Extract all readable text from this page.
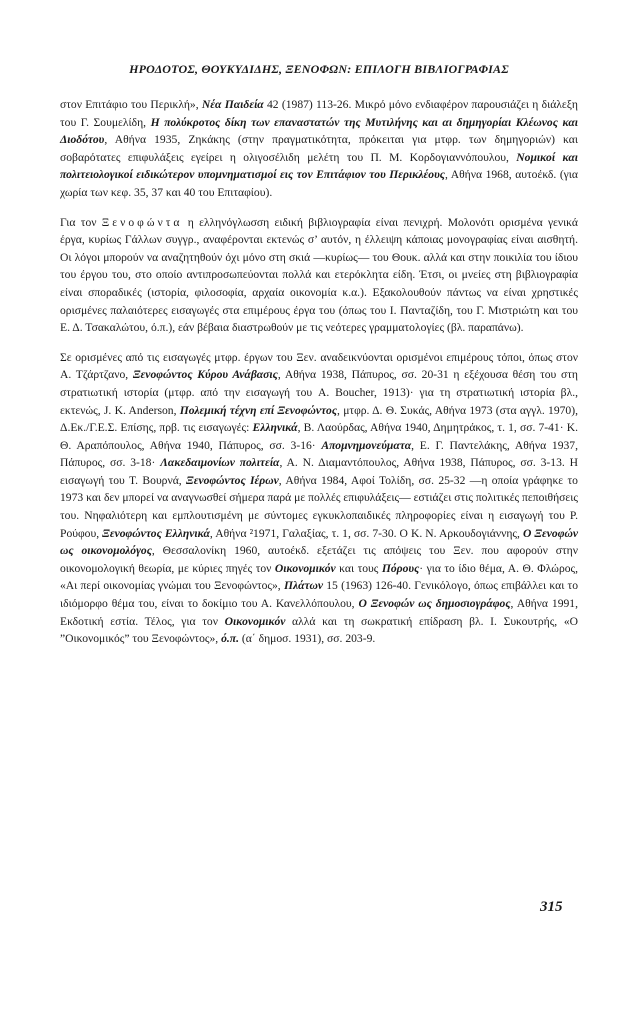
ΗΡΟΔΟΤΟΣ, ΘΟΥΚΥΔΙΔΗΣ, ΞΕΝΟΦΩΝ: ΕΠΙΛΟΓΗ ΒΙΒΛΙΟΓΡΑΦΙΑΣ

στον Επιτάφιο του Περικλή», Νέα Παιδεία 42 (1987) 113-26. Μικρό μόνο ενδιαφέρον παρουσιάζει η διάλεξη του Γ. Σουμελίδη, Η πολύκροτος δίκη των επαναστατών της Μυτιλήνης και αι δημηγορίαι Κλέωνος και Διοδότου, Αθήνα 1935, Ζηκάκης (στην πραγματικότητα, πρόκειται για μτφρ. των δημηγοριών) και σοβαρότατες επιφυλάξεις εγείρει η ολιγοσέλιδη μελέτη του Π. Μ. Κορδογιαννόπουλου, Νομικοί και πολιτειολογικοί ειδικώτερον υπομνηματισμοί εις τον Επιτάφιον του Περικλέους, Αθήνα 1968, αυτοέκδ. (για χωρία των κεφ. 35, 37 και 40 του Επιταφίου).

Για τον Ξενοφώντα η ελληνόγλωσση ειδική βιβλιογραφία είναι πενιχρή. Μολονότι ορισμένα γενικά έργα, κυρίως Γάλλων συγγρ., αναφέρονται εκτενώς σ’ αυτόν, η έλλειψη κάποιας μονογραφίας είναι αισθητή. Οι λόγοι μπορούν να αναζητηθούν όχι μόνο στη σκιά —κυρίως— του Θουκ. αλλά και στην ποικιλία του ίδιου του έργου του, στο οποίο αντιπροσωπεύονται πολλά και ετερόκλητα είδη. Έτσι, οι μνείες στη βιβλιογραφία είναι σποραδικές (ιστορία, φιλοσοφία, αρχαία οικονομία κ.α.). Εξακολουθούν πάντως να είναι χρηστικές ορισμένες παλαιότερες εισαγωγές στα επιμέρους έργα του (όπως του Ι. Πανταζίδη, του Γ. Μιστριώτη και του Ε. Δ. Τσακαλώτου, ό.π.), εάν βέβαια διαστρωθούν με τις νεότερες γραμματολογίες (βλ. παραπάνω).

Σε ορισμένες από τις εισαγωγές μτφρ. έργων του Ξεν. αναδεικνύονται ορισμένοι επιμέρους τόποι, όπως στον Α. Τζάρτζανο, Ξενοφώντος Κύρου Ανάβασις, Αθήνα 1938, Πάπυρος, σσ. 20-31 η εξέχουσα θέση του στη στρατιωτική ιστορία (μτφρ. από την εισαγωγή του A. Boucher, 1913)· για τη στρατιωτική ιστορία βλ., εκτενώς, J. K. Anderson, Πολεμική τέχνη επί Ξενοφώντος, μτφρ. Δ. Θ. Συκάς, Αθήνα 1973 (στα αγγλ. 1970), Δ.Εκ./Γ.Ε.Σ. Επίσης, πρβ. τις εισαγωγές: Ελληνικά, Β. Λαούρδας, Αθήνα 1940, Δημητράκος, τ. 1, σσ. 7-41· Κ. Θ. Αραπόπουλος, Αθήνα 1940, Πάπυρος, σσ. 3-16· Απομνημονεύματα, Ε. Γ. Παντελάκης, Αθήνα 1937, Πάπυρος, σσ. 3-18· Λακεδαιμονίων πολιτεία, Α. Ν. Διαμαντόπουλος, Αθήνα 1938, Πάπυρος, σσ. 3-13. Η εισαγωγή του Τ. Βουρνά, Ξενοφώντος Ιέρων, Αθήνα 1984, Αφοί Τολίδη, σσ. 25-32 —η οποία γράφηκε το 1973 και δεν μπορεί να αναγνωσθεί σήμερα παρά με πολλές επιφυλάξεις— εστιάζει στις πολιτικές πεποιθήσεις του. Νηφαλιότερη και εμπλουτισμένη με σύντομες εγκυκλοπαιδικές πληροφορίες είναι η εισαγωγή του Ρ. Ρούφου, Ξενοφώντος Ελληνικά, Αθήνα ²1971, Γαλαξίας, τ. 1, σσ. 7-30. Ο Κ. Ν. Αρκουδογιάννης, Ο Ξενοφών ως οικονομολόγος, Θεσσαλονίκη 1960, αυτοέκδ. εξετάζει τις απόψεις του Ξεν. που αφορούν στην οικονομολογική θεωρία, με κύριες πηγές τον Οικονομικόν και τους Πόρους· για το ίδιο θέμα, Α. Θ. Φλώρος, «Αι περί οικονομίας γνώμαι του Ξενοφώντος», Πλάτων 15 (1963) 126-40. Γενικόλογο, όπως επιβάλλει και το ιδιόμορφο θέμα του, είναι το δοκίμιο του Α. Κανελλόπουλου, Ο Ξενοφών ως δημοσιογράφος, Αθήνα 1991, Εκδοτική εστία. Τέλος, για τον Οικονομικόν αλλά και τη σωκρατική επίδραση βλ. Ι. Συκουτρής, «Ο ”Οικονομικός” του Ξενοφώντος», ό.π. (α΄ δημοσ. 1931), σσ. 203-9.

315
